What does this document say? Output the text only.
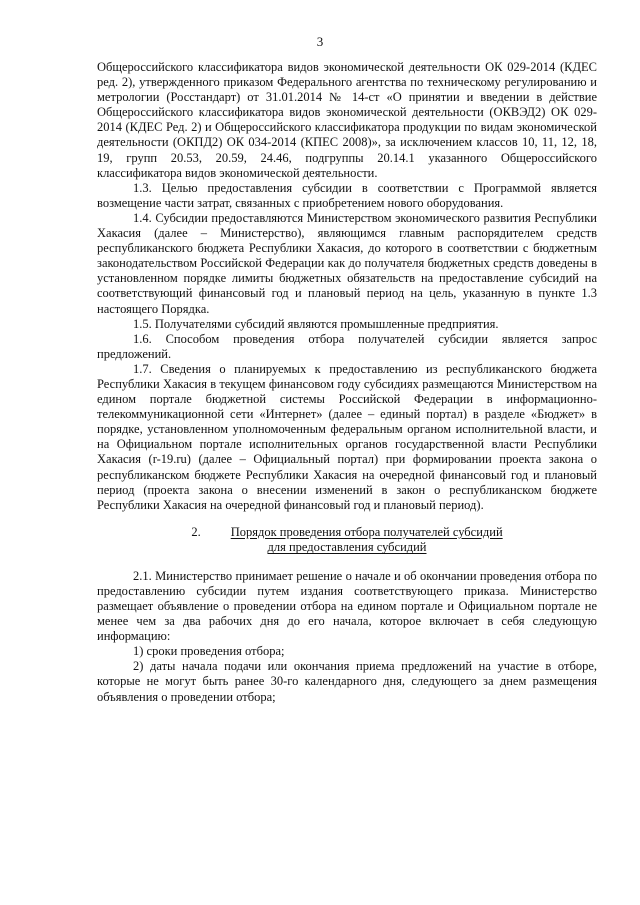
3

Общероссийского классификатора видов экономической деятельности ОК 029-2014 (КДЕС ред. 2), утвержденного приказом Федерального агентства по техническому регулированию и метрологии (Росстандарт) от 31.01.2014 № 14-ст «О принятии и введении в действие Общероссийского классификатора видов экономической деятельности (ОКВЭД2) ОК 029-2014 (КДЕС Ред. 2) и Общероссийского классификатора продукции по видам экономической деятельности (ОКПД2) ОК 034-2014 (КПЕС 2008)», за исключением классов 10, 11, 12, 18, 19, групп 20.53, 20.59, 24.46, подгруппы 20.14.1 указанного Общероссийского классификатора видов экономической деятельности.

1.3. Целью предоставления субсидии в соответствии с Программой является возмещение части затрат, связанных с приобретением нового оборудования.

1.4. Субсидии предоставляются Министерством экономического развития Республики Хакасия (далее – Министерство), являющимся главным распорядителем средств республиканского бюджета Республики Хакасия, до которого в соответствии с бюджетным законодательством Российской Федерации как до получателя бюджетных средств доведены в установленном порядке лимиты бюджетных обязательств на предоставление субсидий на соответствующий финансовый год и плановый период на цель, указанную в пункте 1.3 настоящего Порядка.

1.5. Получателями субсидий являются промышленные предприятия.

1.6. Способом проведения отбора получателей субсидии является запрос предложений.

1.7. Сведения о планируемых к предоставлению из республиканского бюджета Республики Хакасия в текущем финансовом году субсидиях размещаются Министерством на едином портале бюджетной системы Российской Федерации в информационно-телекоммуникационной сети «Интернет» (далее – единый портал) в разделе «Бюджет» в порядке, установленном уполномоченным федеральным органом исполнительной власти, и на Официальном портале исполнительных органов государственной власти Республики Хакасия (r-19.ru) (далее – Официальный портал) при формировании проекта закона о республиканском бюджете Республики Хакасия на очередной финансовый год и плановый период (проекта закона о внесении изменений в закон о республиканском бюджете Республики Хакасия на очередной финансовый год и плановый период).

2. Порядок проведения отбора получателей субсидий
для предоставления субсидий

2.1. Министерство принимает решение о начале и об окончании проведения отбора по предоставлению субсидии путем издания соответствующего приказа. Министерство размещает объявление о проведении отбора на едином портале и Официальном портале не менее чем за два рабочих дня до его начала, которое включает в себя следующую информацию:

1) сроки проведения отбора;

2) даты начала подачи или окончания приема предложений на участие в отборе, которые не могут быть ранее 30-го календарного дня, следующего за днем размещения объявления о проведении отбора;
